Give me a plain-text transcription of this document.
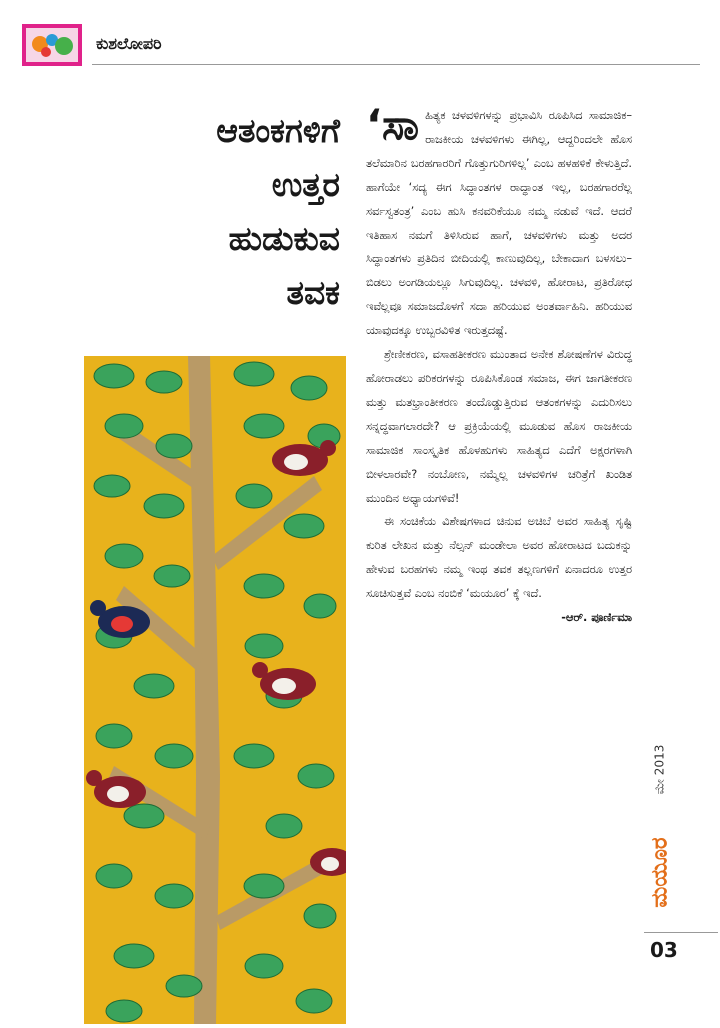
ಕುಶಲೋಪರಿ
ಆತಂಕಗಳಿಗೆ
ಉತ್ತರ
ಹುಡುಕುವ
ತವಕ

‘ಸಾಹಿತ್ಯಕ ಚಳವಳಿಗಳನ್ನು ಪ್ರಭಾವಿಸಿ ರೂಪಿಸಿದ ಸಾಮಾಜಿಕ–ರಾಜಕೀಯ ಚಳವಳಿಗಳು ಈಗಿಲ್ಲ, ಆದ್ದರಿಂದಲೇ ಹೊಸ ತಲೆಮಾರಿನ ಬರಹಗಾರರಿಗೆ ಗೊತ್ತುಗುರಿಗಳಿಲ್ಲ’ ಎಂಬ ಹಳಹಳಿಕೆ ಕೇಳುತ್ತಿದೆ. ಹಾಗೆಯೇ ‘ಸದ್ಯ ಈಗ ಸಿದ್ಧಾಂತಗಳ ರಾದ್ಧಾಂತ ಇಲ್ಲ, ಬರಹಗಾರರೆಲ್ಲ ಸರ್ವಸ್ವತಂತ್ರ’ ಎಂಬ ಹುಸಿ ಕನವರಿಕೆಯೂ ನಮ್ಮ ನಡುವೆ ಇದೆ. ಆದರೆ ಇತಿಹಾಸ ನಮಗೆ ತಿಳಿಸಿರುವ ಹಾಗೆ, ಚಳವಳಿಗಳು ಮತ್ತು ಅದರ ಸಿದ್ಧಾಂತಗಳು ಪ್ರತಿದಿನ ಬೀದಿಯಲ್ಲಿ ಕಾಣುವುದಿಲ್ಲ, ಬೇಕಾದಾಗ ಬಳಸಲು– ಬಿಡಲು ಅಂಗಡಿಯಲ್ಲೂ ಸಿಗುವುದಿಲ್ಲ. ಚಳವಳಿ, ಹೋರಾಟ, ಪ್ರತಿರೋಧ ಇವೆಲ್ಲವೂ ಸಮಾಜದೊಳಗೆ ಸದಾ ಹರಿಯುವ ಅಂತರ್ವಾಹಿನಿ. ಹರಿಯುವ ಯಾವುದಕ್ಕೂ ಉಬ್ಬರವಿಳಿತ ಇರುತ್ತದಷ್ಟೆ.

ಶ್ರೇಣೀಕರಣ, ವಸಾಹತೀಕರಣ ಮುಂತಾದ ಅನೇಕ ಶೋಷಣೆಗಳ ವಿರುದ್ಧ ಹೋರಾಡಲು ಪರಿಕರಗಳನ್ನು ರೂಪಿಸಿಕೊಂಡ ಸಮಾಜ, ಈಗ ಜಾಗತೀಕರಣ ಮತ್ತು ಮತಭ್ರಾಂತೀಕರಣ ತಂದೊಡ್ಡುತ್ತಿರುವ ಆತಂಕಗಳನ್ನು ಎದುರಿಸಲು ಸನ್ನದ್ಧವಾಗಲಾರದೇ? ಆ ಪ್ರಕ್ರಿಯೆಯಲ್ಲಿ ಮೂಡುವ ಹೊಸ ರಾಜಕೀಯ ಸಾಮಾಜಿಕ ಸಾಂಸ್ಕೃತಿಕ ಹೊಳಹುಗಳು ಸಾಹಿತ್ಯದ ಎದೆಗೆ ಅಕ್ಷರಗಳಾಗಿ ಬೀಳಲಾರವೇ? ನಂಬೋಣ, ನಮ್ಮೆಲ್ಲ ಚಳವಳಿಗಳ ಚರಿತ್ರೆಗೆ ಖಂಡಿತ ಮುಂದಿನ ಅಧ್ಯಾಯಗಳಿವೆ!

ಈ ಸಂಚಿಕೆಯ ವಿಶೇಷಗಳಾದ ಚಿನುವ ಅಚಿಬೆ ಅವರ ಸಾಹಿತ್ಯ ಸೃಷ್ಟಿ ಕುರಿತ ಲೇಖನ ಮತ್ತು ನೆಲ್ಸನ್ ಮಂಡೇಲಾ ಅವರ ಹೋರಾಟದ ಬದುಕನ್ನು ಹೇಳುವ ಬರಹಗಳು ನಮ್ಮ ಇಂಥ ತವಕ ತಲ್ಲಣಗಳಿಗೆ ಏನಾದರೂ ಉತ್ತರ ಸೂಚಿಸುತ್ತವೆ ಎಂಬ ನಂಬಿಕೆ ‘ಮಯೂರ’ ಕ್ಕೆ ಇದೆ.

-ಆರ್. ಪೂರ್ಣಿಮಾ

ಮೇ 2013
ಮಯೂರ
03
